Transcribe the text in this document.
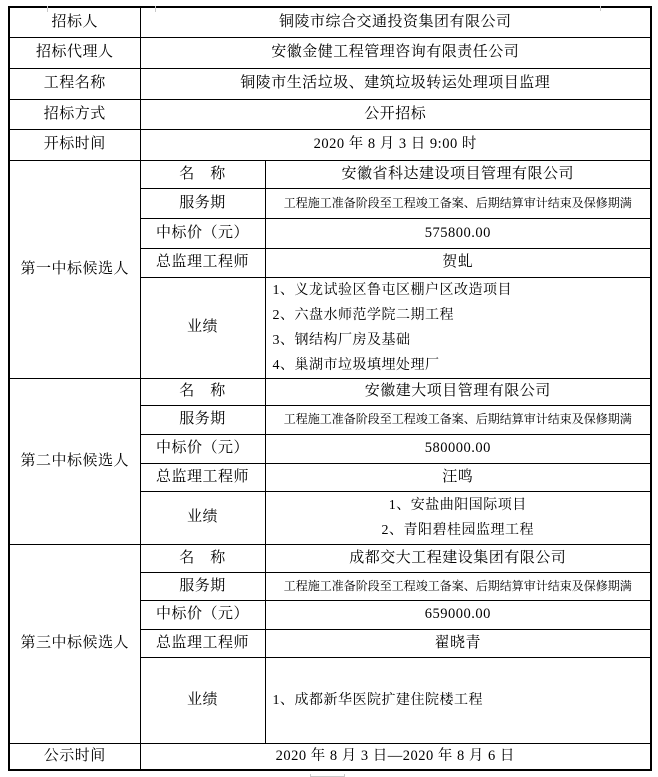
招标人	铜陵市综合交通投资集团有限公司	
招标代理人	安徽金健工程管理咨询有限责任公司	
工程名称	铜陵市生活垃圾、建筑垃圾转运处理项目监理	
招标方式	公开招标	
开标时间	2020 年 8 月 3 日 9:00 时	
第一中标候选人	名　称	安徽省科达建设项目管理有限公司
	服务期	工程施工准备阶段至工程竣工备案、后期结算审计结束及保修期满
	中标价（元）	575800.00
	总监理工程师	贺虬
	业绩	1、义龙试验区鲁屯区棚户区改造项目
2、六盘水师范学院二期工程
3、钢结构厂房及基础
4、巢湖市垃圾填埋处理厂

第二中标候选人	名　称	安徽建大项目管理有限公司
	服务期	工程施工准备阶段至工程竣工备案、后期结算审计结束及保修期满
	中标价（元）	580000.00
	总监理工程师	汪鸣
	业绩	1、安盐曲阳国际项目
2、青阳碧桂园监理工程

第三中标候选人	名　称	成都交大工程建设集团有限公司
	服务期	工程施工准备阶段至工程竣工备案、后期结算审计结束及保修期满
	中标价（元）	659000.00
	总监理工程师	翟晓青
	业绩	1、成都新华医院扩建住院楼工程

公示时间	2020 年 8 月 3 日—2020 年 8 月 6 日	
